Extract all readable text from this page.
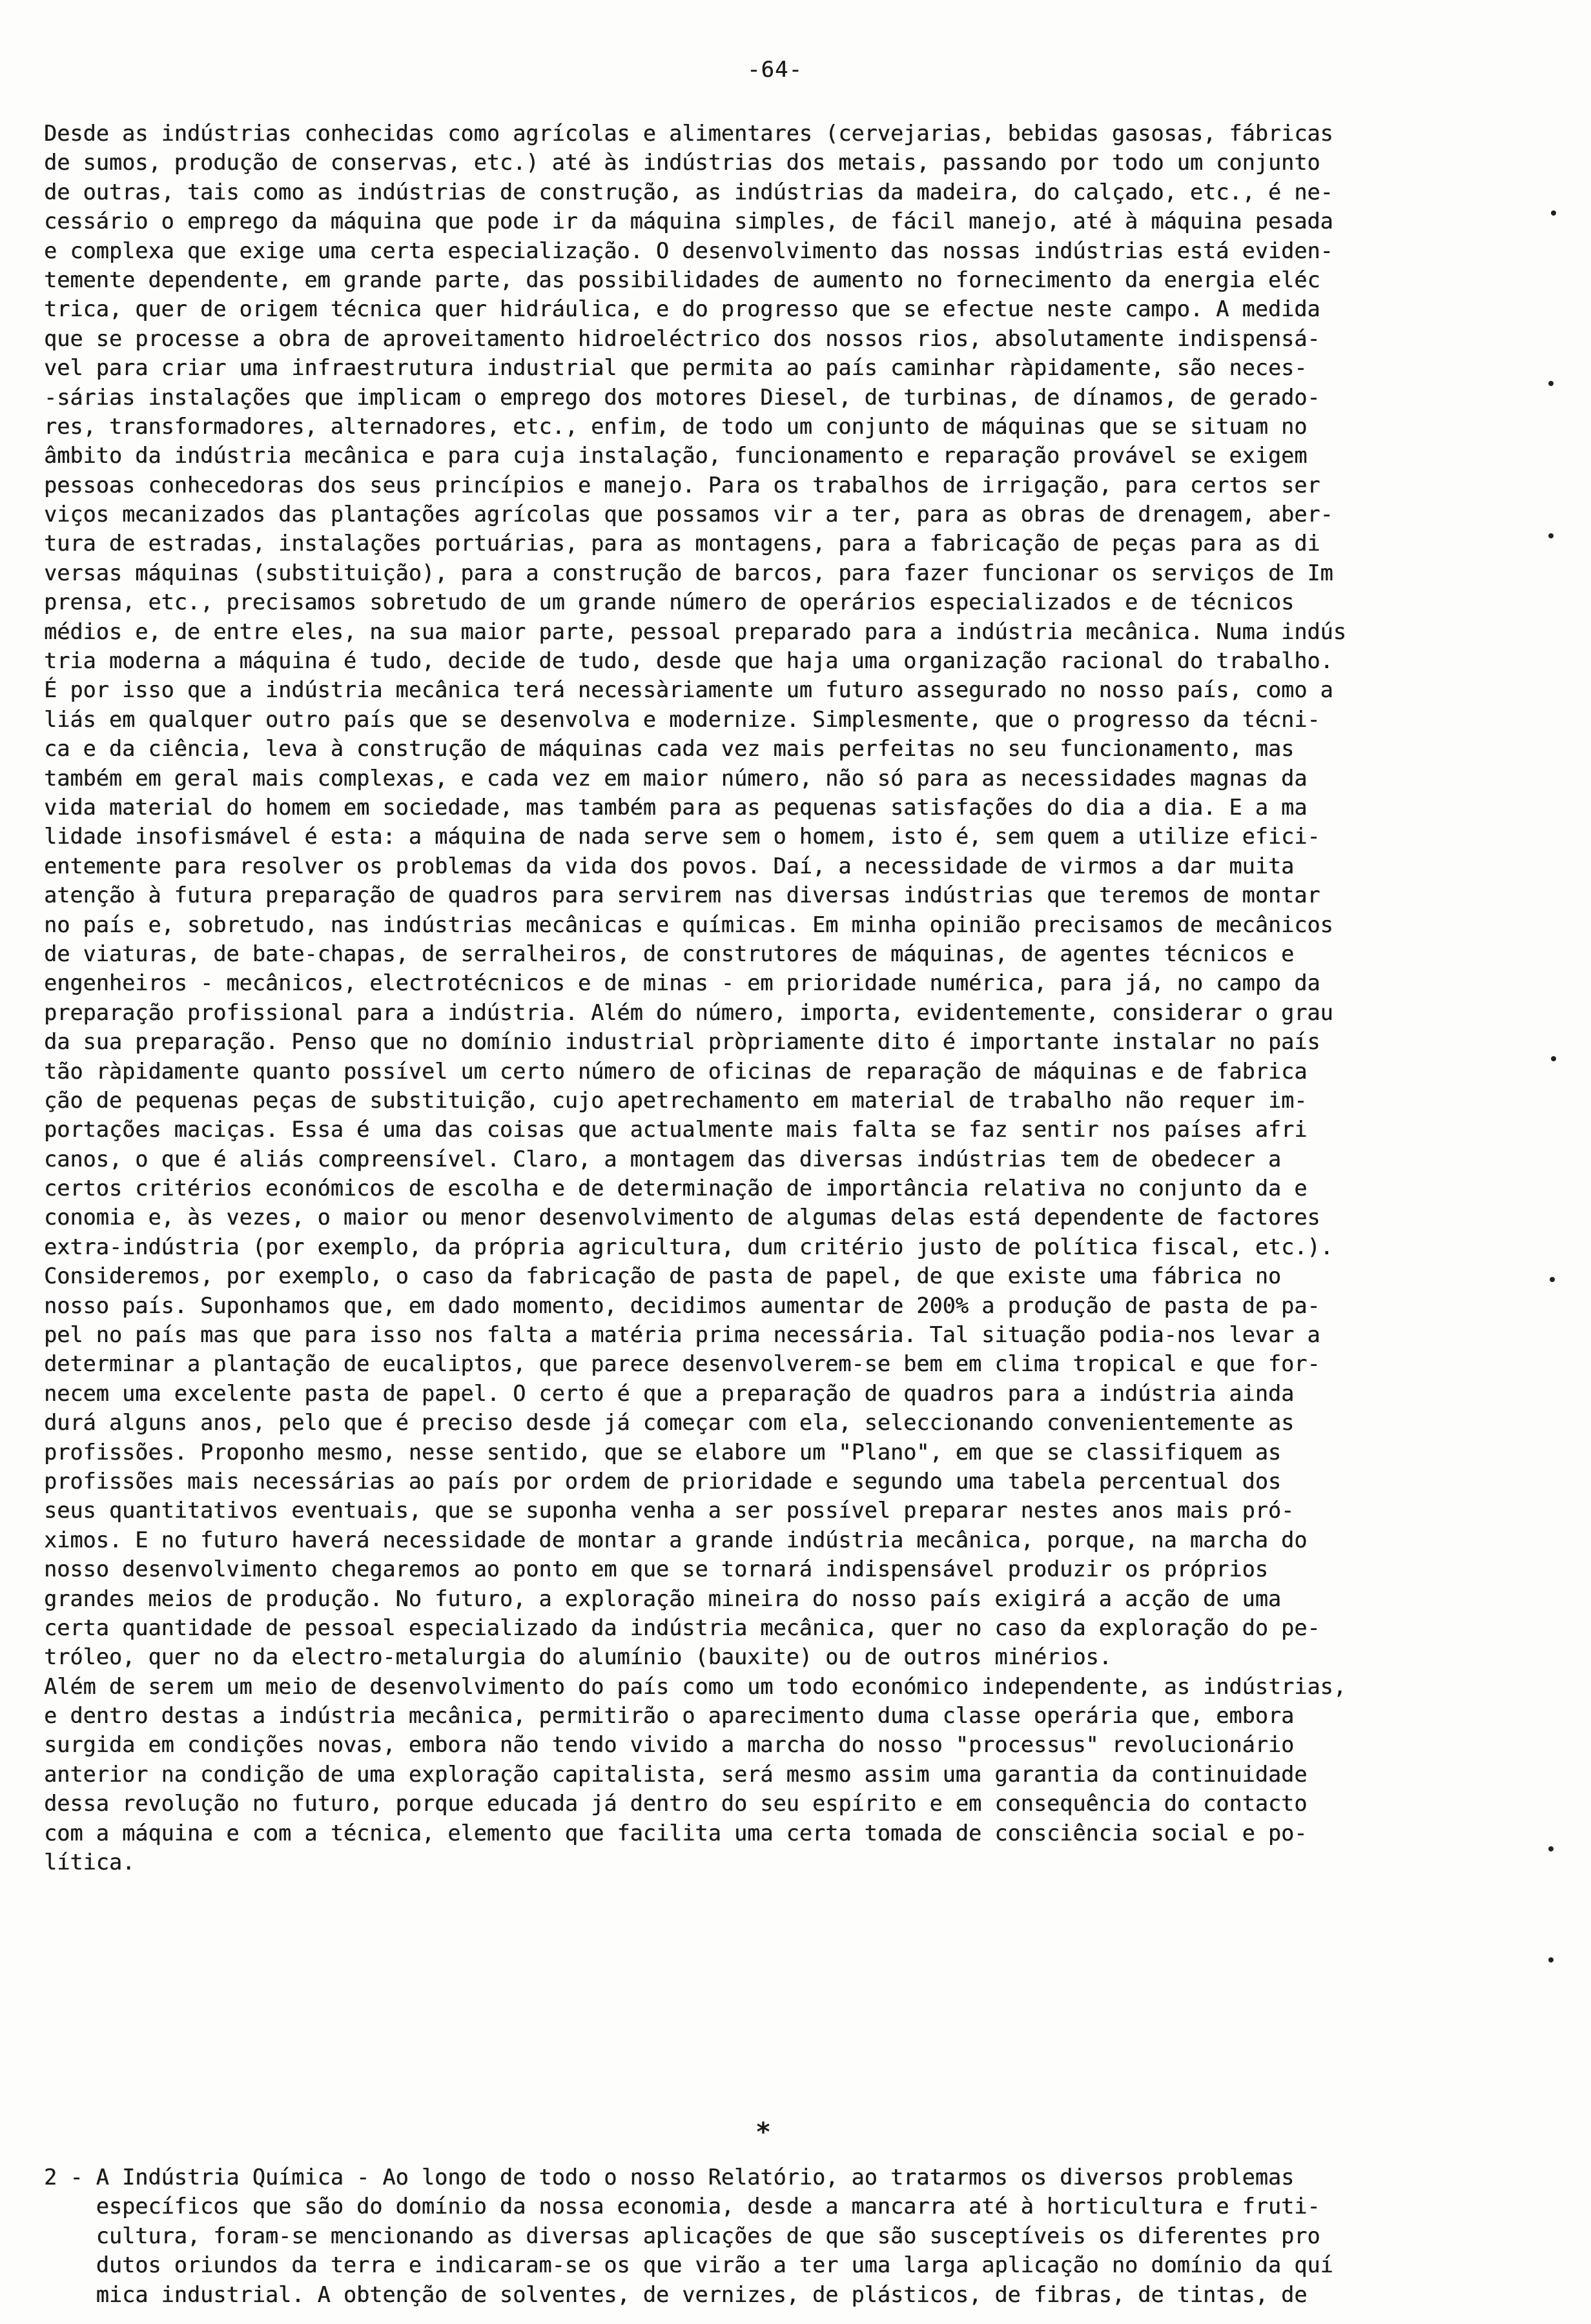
-64-
Desde as indústrias conhecidas como agrícolas e alimentares (cervejarias, bebidas gasosas, fábricas
de sumos, produção de conservas, etc.) até às indústrias dos metais, passando por todo um conjunto
de outras, tais como as indústrias de construção, as indústrias da madeira, do calçado, etc., é ne-
cessário o emprego da máquina que pode ir da máquina simples, de fácil manejo, até à máquina pesada
e complexa que exige uma certa especialização. O desenvolvimento das nossas indústrias está eviden-
temente dependente, em grande parte, das possibilidades de aumento no fornecimento da energia eléc
trica, quer de origem técnica quer hidráulica, e do progresso que se efectue neste campo. A medida
que se processe a obra de aproveitamento hidroeléctrico dos nossos rios, absolutamente indispensá-
vel para criar uma infraestrutura industrial que permita ao país caminhar ràpidamente, são neces-
-sárias instalações que implicam o emprego dos motores Diesel, de turbinas, de dínamos, de gerado-
res, transformadores, alternadores, etc., enfim, de todo um conjunto de máquinas que se situam no
âmbito da indústria mecânica e para cuja instalação, funcionamento e reparação provável se exigem
pessoas conhecedoras dos seus princípios e manejo. Para os trabalhos de irrigação, para certos ser
viços mecanizados das plantações agrícolas que possamos vir a ter, para as obras de drenagem, aber-
tura de estradas, instalações portuárias, para as montagens, para a fabricação de peças para as di
versas máquinas (substituição), para a construção de barcos, para fazer funcionar os serviços de Im
prensa, etc., precisamos sobretudo de um grande número de operários especializados e de técnicos
médios e, de entre eles, na sua maior parte, pessoal preparado para a indústria mecânica. Numa indús
tria moderna a máquina é tudo, decide de tudo, desde que haja uma organização racional do trabalho.
É por isso que a indústria mecânica terá necessàriamente um futuro assegurado no nosso país, como a
liás em qualquer outro país que se desenvolva e modernize. Simplesmente, que o progresso da técni-
ca e da ciência, leva à construção de máquinas cada vez mais perfeitas no seu funcionamento, mas
também em geral mais complexas, e cada vez em maior número, não só para as necessidades magnas da
vida material do homem em sociedade, mas também para as pequenas satisfações do dia a dia. E a ma
lidade insofismável é esta: a máquina de nada serve sem o homem, isto é, sem quem a utilize efici-
entemente para resolver os problemas da vida dos povos. Daí, a necessidade de virmos a dar muita
atenção à futura preparação de quadros para servirem nas diversas indústrias que teremos de montar
no país e, sobretudo, nas indústrias mecânicas e químicas. Em minha opinião precisamos de mecânicos
de viaturas, de bate-chapas, de serralheiros, de construtores de máquinas, de agentes técnicos e
engenheiros - mecânicos, electrotécnicos e de minas - em prioridade numérica, para já, no campo da
preparação profissional para a indústria. Além do número, importa, evidentemente, considerar o grau
da sua preparação. Penso que no domínio industrial pròpriamente dito é importante instalar no país
tão ràpidamente quanto possível um certo número de oficinas de reparação de máquinas e de fabrica
ção de pequenas peças de substituição, cujo apetrechamento em material de trabalho não requer im-
portações maciças. Essa é uma das coisas que actualmente mais falta se faz sentir nos países afri
canos, o que é aliás compreensível. Claro, a montagem das diversas indústrias tem de obedecer a
certos critérios económicos de escolha e de determinação de importância relativa no conjunto da e
conomia e, às vezes, o maior ou menor desenvolvimento de algumas delas está dependente de factores
extra-indústria (por exemplo, da própria agricultura, dum critério justo de política fiscal, etc.).
Consideremos, por exemplo, o caso da fabricação de pasta de papel, de que existe uma fábrica no
nosso país. Suponhamos que, em dado momento, decidimos aumentar de 200% a produção de pasta de pa-
pel no país mas que para isso nos falta a matéria prima necessária. Tal situação podia-nos levar a
determinar a plantação de eucaliptos, que parece desenvolverem-se bem em clima tropical e que for-
necem uma excelente pasta de papel. O certo é que a preparação de quadros para a indústria ainda
durá alguns anos, pelo que é preciso desde já começar com ela, seleccionando convenientemente as
profissões. Proponho mesmo, nesse sentido, que se elabore um "Plano", em que se classifiquem as
profissões mais necessárias ao país por ordem de prioridade e segundo uma tabela percentual dos
seus quantitativos eventuais, que se suponha venha a ser possível preparar nestes anos mais pró-
ximos. E no futuro haverá necessidade de montar a grande indústria mecânica, porque, na marcha do
nosso desenvolvimento chegaremos ao ponto em que se tornará indispensável produzir os próprios
grandes meios de produção. No futuro, a exploração mineira do nosso país exigirá a acção de uma
certa quantidade de pessoal especializado da indústria mecânica, quer no caso da exploração do pe-
tróleo, quer no da electro-metalurgia do alumínio (bauxite) ou de outros minérios.
Além de serem um meio de desenvolvimento do país como um todo económico independente, as indústrias,
e dentro destas a indústria mecânica, permitirão o aparecimento duma classe operária que, embora
surgida em condições novas, embora não tendo vivido a marcha do nosso "processus" revolucionário
anterior na condição de uma exploração capitalista, será mesmo assim uma garantia da continuidade
dessa revolução no futuro, porque educada já dentro do seu espírito e em consequência do contacto
com a máquina e com a técnica, elemento que facilita uma certa tomada de consciência social e po-
lítica.
*
2 - A Indústria Química - Ao longo de todo o nosso Relatório, ao tratarmos os diversos problemas
específicos que são do domínio da nossa economia, desde a mancarra até à horticultura e fruti-
cultura, foram-se mencionando as diversas aplicações de que são susceptíveis os diferentes pro
dutos oriundos da terra e indicaram-se os que virão a ter uma larga aplicação no domínio da quí
mica industrial. A obtenção de solventes, de vernizes, de plásticos, de fibras, de tintas, de
